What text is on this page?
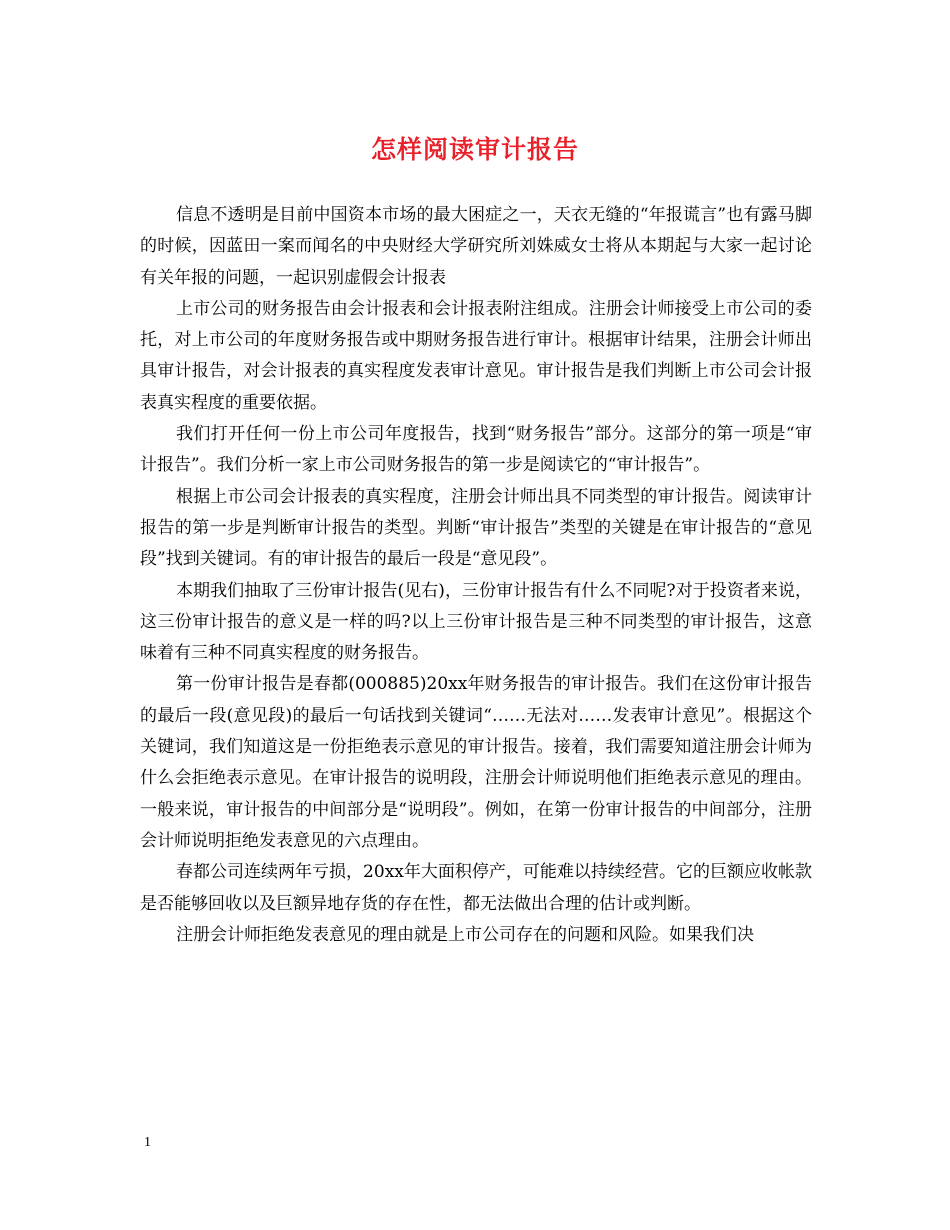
怎样阅读审计报告

信息不透明是目前中国资本市场的最大困症之一，天衣无缝的“年报谎言”也有露马脚的时候，因蓝田一案而闻名的中央财经大学研究所刘姝威女士将从本期起与大家一起讨论有关年报的问题，一起识别虚假会计报表

上市公司的财务报告由会计报表和会计报表附注组成。注册会计师接受上市公司的委托，对上市公司的年度财务报告或中期财务报告进行审计。根据审计结果，注册会计师出具审计报告，对会计报表的真实程度发表审计意见。审计报告是我们判断上市公司会计报表真实程度的重要依据。

我们打开任何一份上市公司年度报告，找到“财务报告”部分。这部分的第一项是“审计报告”。我们分析一家上市公司财务报告的第一步是阅读它的“审计报告”。

根据上市公司会计报表的真实程度，注册会计师出具不同类型的审计报告。阅读审计报告的第一步是判断审计报告的类型。判断“审计报告”类型的关键是在审计报告的“意见段”找到关键词。有的审计报告的最后一段是“意见段”。

本期我们抽取了三份审计报告(见右)，三份审计报告有什么不同呢?对于投资者来说，这三份审计报告的意义是一样的吗?以上三份审计报告是三种不同类型的审计报告，这意味着有三种不同真实程度的财务报告。

第一份审计报告是春都(000885)20xx年财务报告的审计报告。我们在这份审计报告的最后一段(意见段)的最后一句话找到关键词“……无法对……发表审计意见”。根据这个关键词，我们知道这是一份拒绝表示意见的审计报告。接着，我们需要知道注册会计师为什么会拒绝表示意见。在审计报告的说明段，注册会计师说明他们拒绝表示意见的理由。一般来说，审计报告的中间部分是“说明段”。例如，在第一份审计报告的中间部分，注册会计师说明拒绝发表意见的六点理由。

春都公司连续两年亏损，20xx年大面积停产，可能难以持续经营。它的巨额应收帐款是否能够回收以及巨额异地存货的存在性，都无法做出合理的估计或判断。

注册会计师拒绝发表意见的理由就是上市公司存在的问题和风险。如果我们决

1
